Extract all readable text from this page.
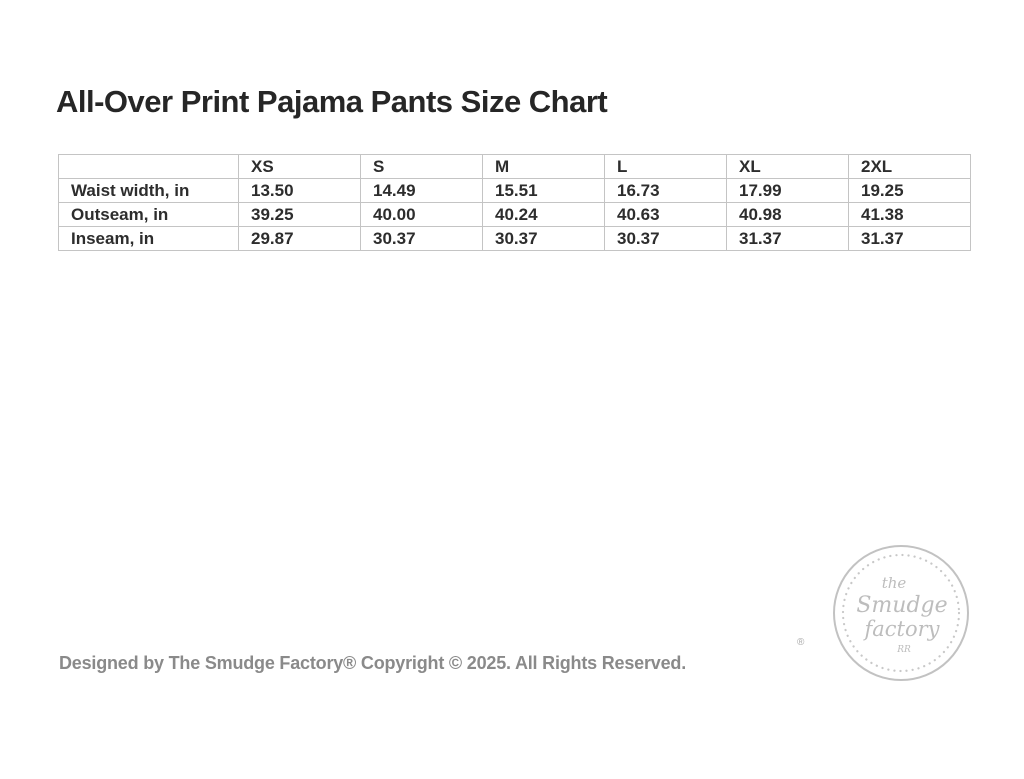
All-Over Print Pajama Pants Size Chart
	XS	S	M	L	XL	2XL
Waist width, in	13.50	14.49	15.51	16.73	17.99	19.25
Outseam, in	39.25	40.00	40.24	40.63	40.98	41.38
Inseam, in	29.87	30.37	30.37	30.37	31.37	31.37
Designed by The Smudge Factory® Copyright © 2025. All Rights Reserved.
®
the
Smudge
factory
RR
